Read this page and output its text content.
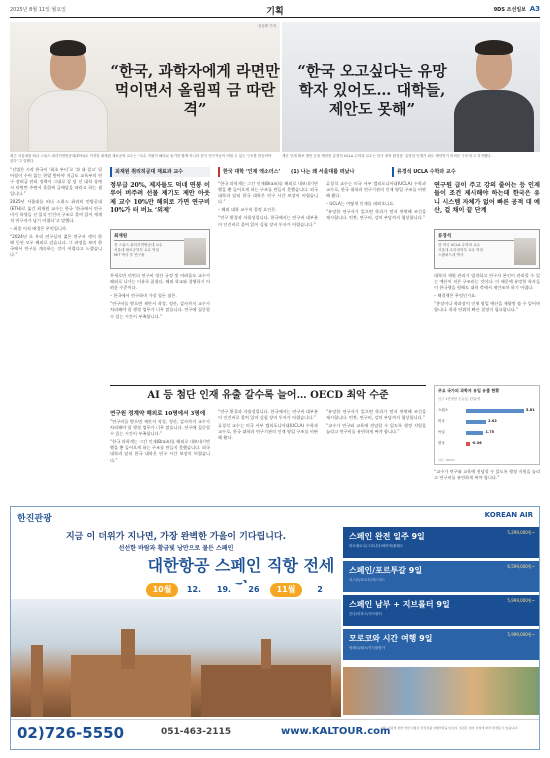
2025년 8월 11일 월요일	기획	9DS 조선일보 A3
“한국, 과학자에게 라면만 먹이면서 올림픽 금 따란 격”
김동환 기자
“한국 오고싶다는 유망 학자 있어도… 대학들, 제안도 못해”
최근 서울대를 떠나 스위스 취리히연방공대(ETH)로 이직한 최재원 재료공학 교수는 “교수 지원이 해외로 돌기만 할게 아니라 한국 연구자들이 버틸 수 있는 구조를 만들어야 한다”고 말했다.
재난 인재 확보 방안 등을 제안한 류경석 UCLA 수학과 교수는 한국 대학 환경을 ‘유망한 인재가 와도 제안하기 어려운 구조’라고 지적했다.
최재원 취리히공대 재료과 교수	한국 대학 ‘인재 엑소더스’	(1) 나는 왜 서울대를 떠났나	류경석 UCLA 수학과 교수

“선업은 시작 한국이 ‘최초 부터’로 ‘과 대 결고’ 될 어림이 수어 없는 현업 받아야 지금도 교육부의 연구 장려금 관리 정책이 그대로 잘 당 선 대학 상에서 라면만 주면서 올림픽 금메달을 따라고 하는 셈입니다.”

2025년 서울대를 떠나 스위스 취리히 연방공대(ETH)로 옮긴 최재원 교수는 한국 ‘한국에서 연구비가 학생들 선 입식 인건비 구조로 묶여 있어 세계적 연구자가 남기 어렵다’고 말했다.

– 최종 이직 배경은 무엇입니까.

“2024년 초 우리 연구실의 젊은 연구자 셋이 한 해 동안 모두 해외로 갔습니다. 그 과정을 보며 한국에서 연구를 계속하는 것이 어렵다고 느꼈습니다.”

정부급 20%, 제자들도 덕네 연봉 이루어 버주려 선물 제기도 제안 아웃 제 교수 10%만 해외로 가면 연구비 10%가 터 버뇨 ‘외제’
최재원
현 스위스 취리히연방공대 교수
서울대 재료공학부 교수 역임
MIT 박사 후 연구원

무세로만 의연되 연구비 정산 규정 및 어려움도 교수가 해외로 나가는 이유로 꼽혔다. 해외 학교와 경쟁하기 어려운 수준이다.

– 한국에서 연구하며 가장 힘든 점은.

“연구비를 받으면 제안서 작성, 정산, 감사까지 교수가 처리해야 할 행정 업무가 너무 많습니다. 연구에 집중할 수 있는 시간이 부족합니다.”

“한국 과학계는 그간 인재(Brain)를 해외로 내보내기만 했을 뿐 들어오게 하는 구조를 만들지 못했습니다. 외국 대학과 달리 한국 대학은 연구 시간 보장이 어렵습니다.”

– 해외 대학 교수직 결정 요인은.

“연구 환경과 자율성입니다. 한국에서는 연구비 대부분이 인건비로 묶여 있어 실험 장비 투자가 어렵습니다.”

류경석 교수는 미국 서부 캘리포니아대(UCLA) 수학과 교수로, 한국 대학과 연구기관의 인재 영입 구조를 비판해 왔다.

– UCLA는 어떻게 인재를 데려오나요.

“유망한 연구자가 있으면 학과가 먼저 연락해 조건을 제시합니다. 연봉, 연구비, 강의 부담까지 협상합니다.”

연구원 급이 주고 강의 줄어는 등 인재들이 조건 제시해야 하는데 한국은 유니 시스템 자체가 없어 빠른 공적 대 예산, 걸 채이 끝 단계
류경석
현 미국 UCLA 수학과 교수
서울대 수리과학부 교수 역임
스탠퍼드대 박사

대학의 재원 관리가 엄격하고 연구자 본인이 관리할 수 있는 예산이 적은 구조라는 것이다. 이 때문에 유망한 학자들이 한국행을 원해도 대학 측에서 제안조차 하기 어렵다.

– 해결책은 무엇인가요.

“총장이나 학과장이 인재 영입 예산을 재량껏 쓸 수 있어야 합니다. 학과 단위의 빠른 결정이 필요합니다.”

AI 등 첨단 인재 유출 갈수록 늘어… OECD 최악 수준
연구원 정계약 해외로 10명에서 3명에

“연구비를 받으면 제안서 작성, 정산, 감사까지 교수가 처리해야 할 행정 업무가 너무 많습니다. 연구에 집중할 수 있는 시간이 부족합니다.”

“한국 과학계는 그간 인재(Brain)를 해외로 내보내기만 했을 뿐 들어오게 하는 구조를 만들지 못했습니다. 외국 대학과 달리 한국 대학은 연구 시간 보장이 어렵습니다.”

“연구 환경과 자율성입니다. 한국에서는 연구비 대부분이 인건비로 묶여 있어 실험 장비 투자가 어렵습니다.”

류경석 교수는 미국 서부 캘리포니아대(UCLA) 수학과 교수로, 한국 대학과 연구기관의 인재 영입 구조를 비판해 왔다.

“유망한 연구자가 있으면 학과가 먼저 연락해 조건을 제시합니다. 연봉, 연구비, 강의 부담까지 협상합니다.”

“교수가 연구와 교육에 전념할 수 있도록 행정 지원을 늘리고 연구비를 유연하게 써야 합니다.”

주요 국가의 과학자 유입 유출 현황
인구 1만명당 순유입, 단위:명
스위스	5.81
미국	2.02
독일	1.75
한국	-0.36
자료: OECD

“교수가 연구와 교육에 전념할 수 있도록 행정 지원을 늘리고 연구비를 유연하게 써야 합니다.”

한진관광	KOREAN AIR
지금 이 더위가 지나면, 가장 완벽한 가을이 기다립니다.
선선한 바람과 황금빛 낭만으로 물든 스페인
대한항공 스페인 직항 전세
10월	12.	19.	26	11월	2
스페인 완전 일주 9일	5,299,000원~
바르셀로나/그라나다/세비야/톨레도
스페인/포르투갈 9일	6,599,000원~
리스본/포르투/마드리드
스페인 남부 + 지브롤터 9일	5,999,000원~
론다/미하스/지브롤터
모로코와 시간 여행 9일	5,999,000원~
탕헤르/페스/카사블랑카
02)726-5550	051-463-2115	www.KALTOUR.com
상품 이용에 관한 약관 사항은 한진관광 여행약관을 따르며, 일정은 현지 사정에 따라 변경될 수 있습니다.
